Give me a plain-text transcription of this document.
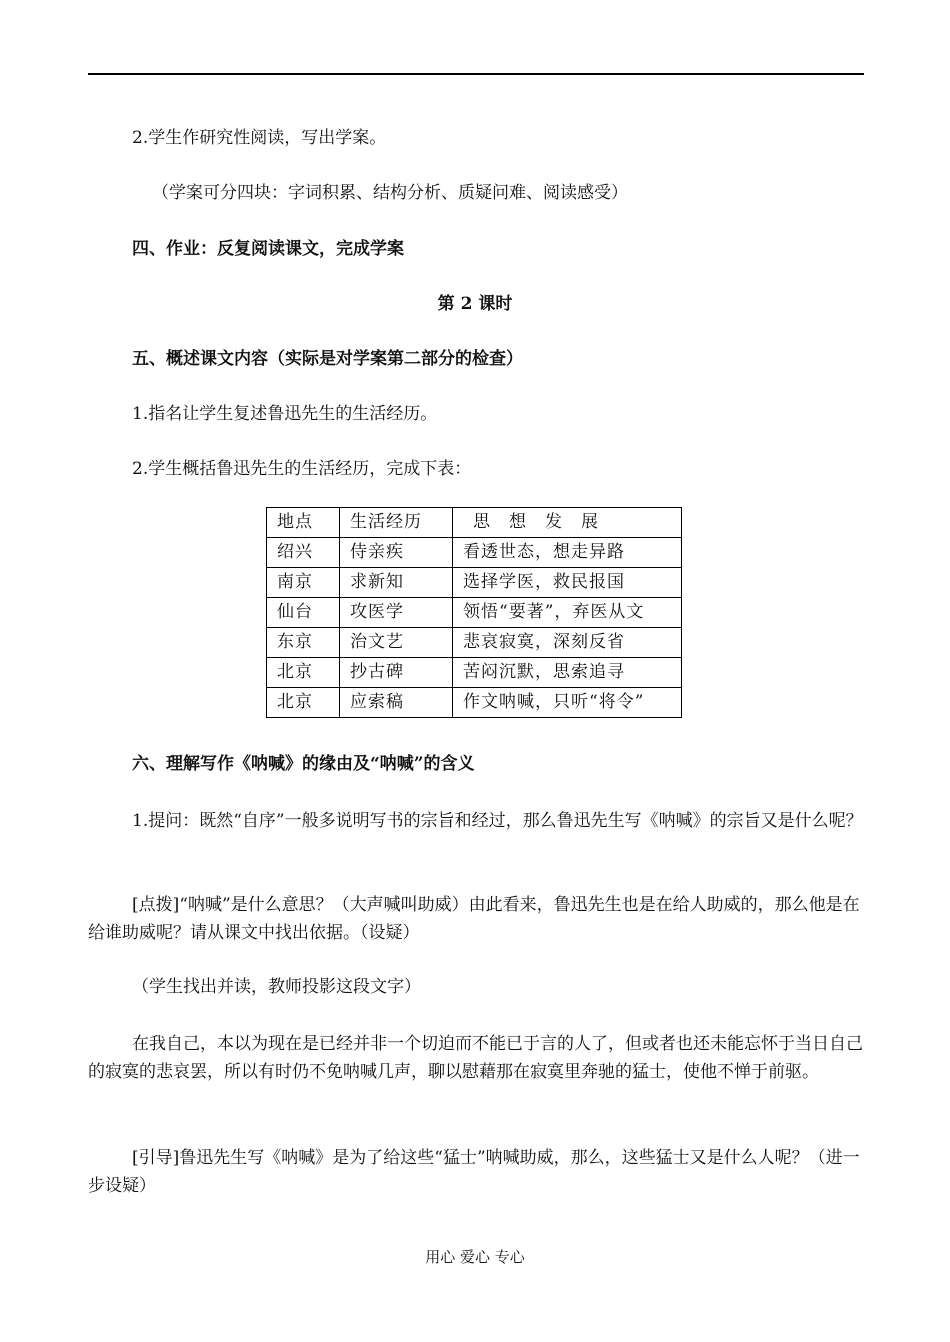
2.学生作研究性阅读，写出学案。
（学案可分四块：字词积累、结构分析、质疑问难、阅读感受）
四、作业：反复阅读课文，完成学案
第 2 课时
五、概述课文内容（实际是对学案第二部分的检查）
1.指名让学生复述鲁迅先生的生活经历。
2.学生概括鲁迅先生的生活经历，完成下表：
地点	生活经历	思　想　发　展
绍兴	侍亲疾	看透世态，想走异路
南京	求新知	选择学医，救民报国
仙台	攻医学	领悟“要著”，弃医从文
东京	治文艺	悲哀寂寞，深刻反省
北京	抄古碑	苦闷沉默，思索追寻
北京	应索稿	作文呐喊，只听“将令”
六、理解写作《呐喊》的缘由及“呐喊”的含义
1.提问：既然“自序”一般多说明写书的宗旨和经过，那么鲁迅先生写《呐喊》的宗旨又是什么呢？
[点拨]“呐喊”是什么意思？（大声喊叫助威）由此看来，鲁迅先生也是在给人助威的，那么他是在给谁助威呢？请从课文中找出依据。（设疑）
（学生找出并读，教师投影这段文字）
在我自己，本以为现在是已经并非一个切迫而不能已于言的人了，但或者也还未能忘怀于当日自己的寂寞的悲哀罢，所以有时仍不免呐喊几声，聊以慰藉那在寂寞里奔驰的猛士，使他不惮于前驱。
[引导]鲁迅先生写《呐喊》是为了给这些“猛士”呐喊助威，那么，这些猛士又是什么人呢？（进一步设疑）
用心 爱心 专心
